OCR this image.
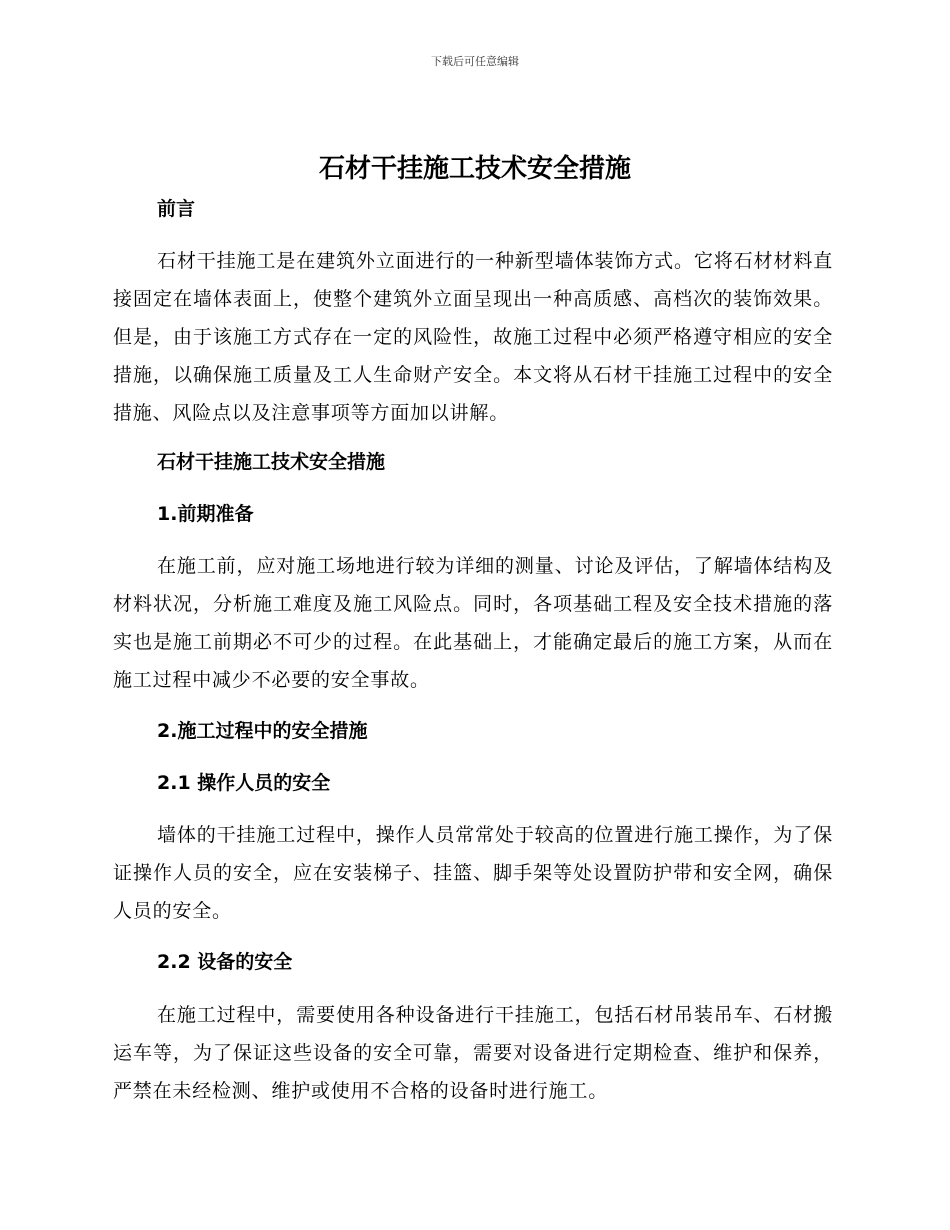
下载后可任意编辑
石材干挂施工技术安全措施
前言
石材干挂施工是在建筑外立面进行的一种新型墙体装饰方式。它将石材材料直接固定在墙体表面上，使整个建筑外立面呈现出一种高质感、高档次的装饰效果。但是，由于该施工方式存在一定的风险性，故施工过程中必须严格遵守相应的安全措施，以确保施工质量及工人生命财产安全。本文将从石材干挂施工过程中的安全措施、风险点以及注意事项等方面加以讲解。
石材干挂施工技术安全措施
1.前期准备
在施工前，应对施工场地进行较为详细的测量、讨论及评估，了解墙体结构及材料状况，分析施工难度及施工风险点。同时，各项基础工程及安全技术措施的落实也是施工前期必不可少的过程。在此基础上，才能确定最后的施工方案，从而在施工过程中减少不必要的安全事故。
2.施工过程中的安全措施
2.1 操作人员的安全
墙体的干挂施工过程中，操作人员常常处于较高的位置进行施工操作，为了保证操作人员的安全，应在安装梯子、挂篮、脚手架等处设置防护带和安全网，确保人员的安全。
2.2 设备的安全
在施工过程中，需要使用各种设备进行干挂施工，包括石材吊装吊车、石材搬运车等，为了保证这些设备的安全可靠，需要对设备进行定期检查、维护和保养，严禁在未经检测、维护或使用不合格的设备时进行施工。
